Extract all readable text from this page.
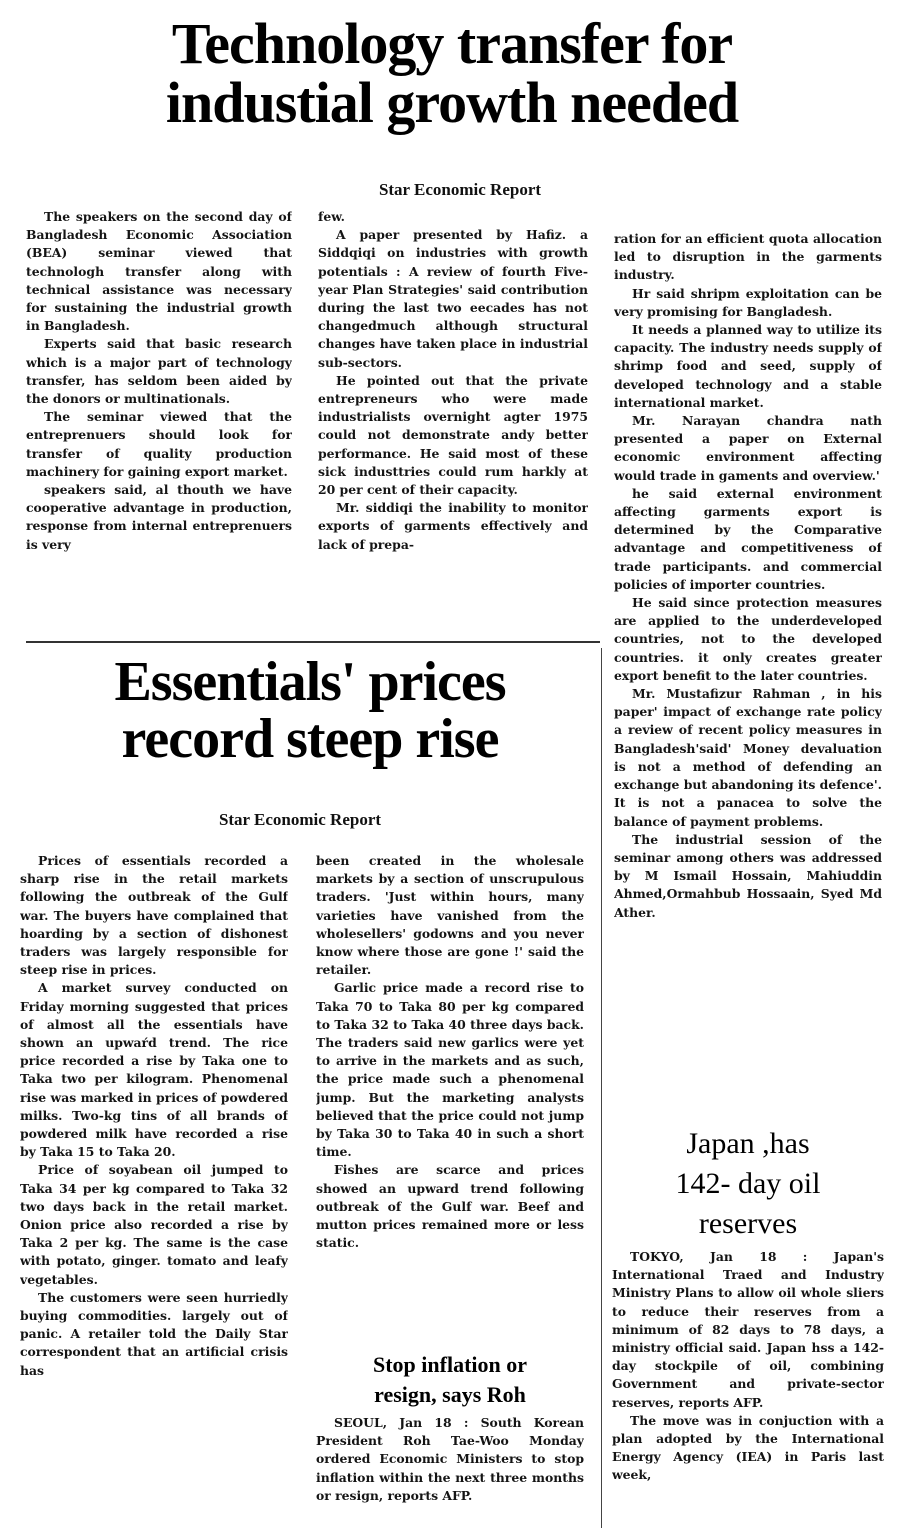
Technology transfer for
industial growth needed
Star Economic Report

The speakers on the second day of Bangladesh Economic Association (BEA) seminar viewed that technologh transfer along with technical assistance was necessary for sustaining the industrial growth in Bangladesh.

Experts said that basic research which is a major part of technology transfer, has seldom been aided by the donors or multinationals.

The seminar viewed that the entreprenuers should look for transfer of quality production machinery for gaining export market.

speakers said, al thouth we have cooperative advantage in production, response from internal entreprenuers is very

few.

A paper presented by Hafiz. a Siddqiqi on industries with growth potentials : A review of fourth Five-year Plan Strategies' said contribution during the last two eecades has not changedmuch although structural changes have taken place in industrial sub-sectors.

He pointed out that the private entrepreneurs who were made industrialists overnight agter 1975 could not demonstrate andy better performance. He said most of these sick industtries could rum harkly at 20 per cent of their capacity.

Mr. siddiqi the inability to monitor exports of garments effectively and lack of prepa-

ration for an efficient quota allocation led to disruption in the garments industry.

Hr said shripm exploitation can be very promising for Bangladesh.

It needs a planned way to utilize its capacity. The industry needs supply of shrimp food and seed, supply of developed technology and a stable international market.

Mr. Narayan chandra nath presented a paper on External economic environment affecting would trade in gaments and overview.'

he said external environment affecting garments export is determined by the Comparative advantage and competitiveness of trade participants. and commercial policies of importer countries.

He said since protection measures are applied to the underdeveloped countries, not to the developed countries. it only creates greater export benefit to the later countries.

Mr. Mustafizur Rahman , in his paper' impact of exchange rate policy a review of recent policy measures in Bangladesh'said' Money devaluation is not a method of defending an exchange but abandoning its defence'. It is not a panacea to solve the balance of payment problems.

The industrial session of the seminar among others was addressed by M Ismail Hossain, Mahiuddin Ahmed,Ormahbub Hossaain, Syed Md Ather.

Essentials' prices
record steep rise
Star Economic Report

Prices of essentials recorded a sharp rise in the retail markets following the outbreak of the Gulf war. The buyers have complained that hoarding by a section of dishonest traders was largely responsible for steep rise in prices.

A market survey conducted on Friday morning suggested that prices of almost all the essentials have shown an upwaŕd trend. The rice price recorded a rise by Taka one to Taka two per kilogram. Phenomenal rise was marked in prices of powdered milks. Two-kg tins of all brands of powdered milk have recorded a rise by Taka 15 to Taka 20.

Price of soyabean oil jumped to Taka 34 per kg compared to Taka 32 two days back in the retail market. Onion price also recorded a rise by Taka 2 per kg. The same is the case with potato, ginger. tomato and leafy vegetables.

The customers were seen hurriedly buying commodities. largely out of panic. A retailer told the Daily Star correspondent that an artificial crisis has

been created in the wholesale markets by a section of unscrupulous traders. 'Just within hours, many varieties have vanished from the wholesellers' godowns and you never know where those are gone !' said the retailer.

Garlic price made a record rise to Taka 70 to Taka 80 per kg compared to Taka 32 to Taka 40 three days back. The traders said new garlics were yet to arrive in the markets and as such, the price made such a phenomenal jump. But the marketing analysts believed that the price could not jump by Taka 30 to Taka 40 in such a short time.

Fishes are scarce and prices showed an upward trend following outbreak of the Gulf war. Beef and mutton prices remained more or less static.

Stop inflation or
resign, says Roh

SEOUL, Jan 18 : South Korean President Roh Tae-Woo Monday ordered Economic Ministers to stop inflation within the next three months or resign, reports AFP.

Japan ,has
142- day oil
reserves

TOKYO, Jan 18 : Japan's International Traed and Industry Ministry Plans to allow oil whole sliers to reduce their reserves from a minimum of 82 days to 78 days, a ministry official said. Japan hss a 142- day stockpile of oil, combining Government and private-sector reserves, reports AFP.

The move was in conjuction with a plan adopted by the International Energy Agency (IEA) in Paris last week,
